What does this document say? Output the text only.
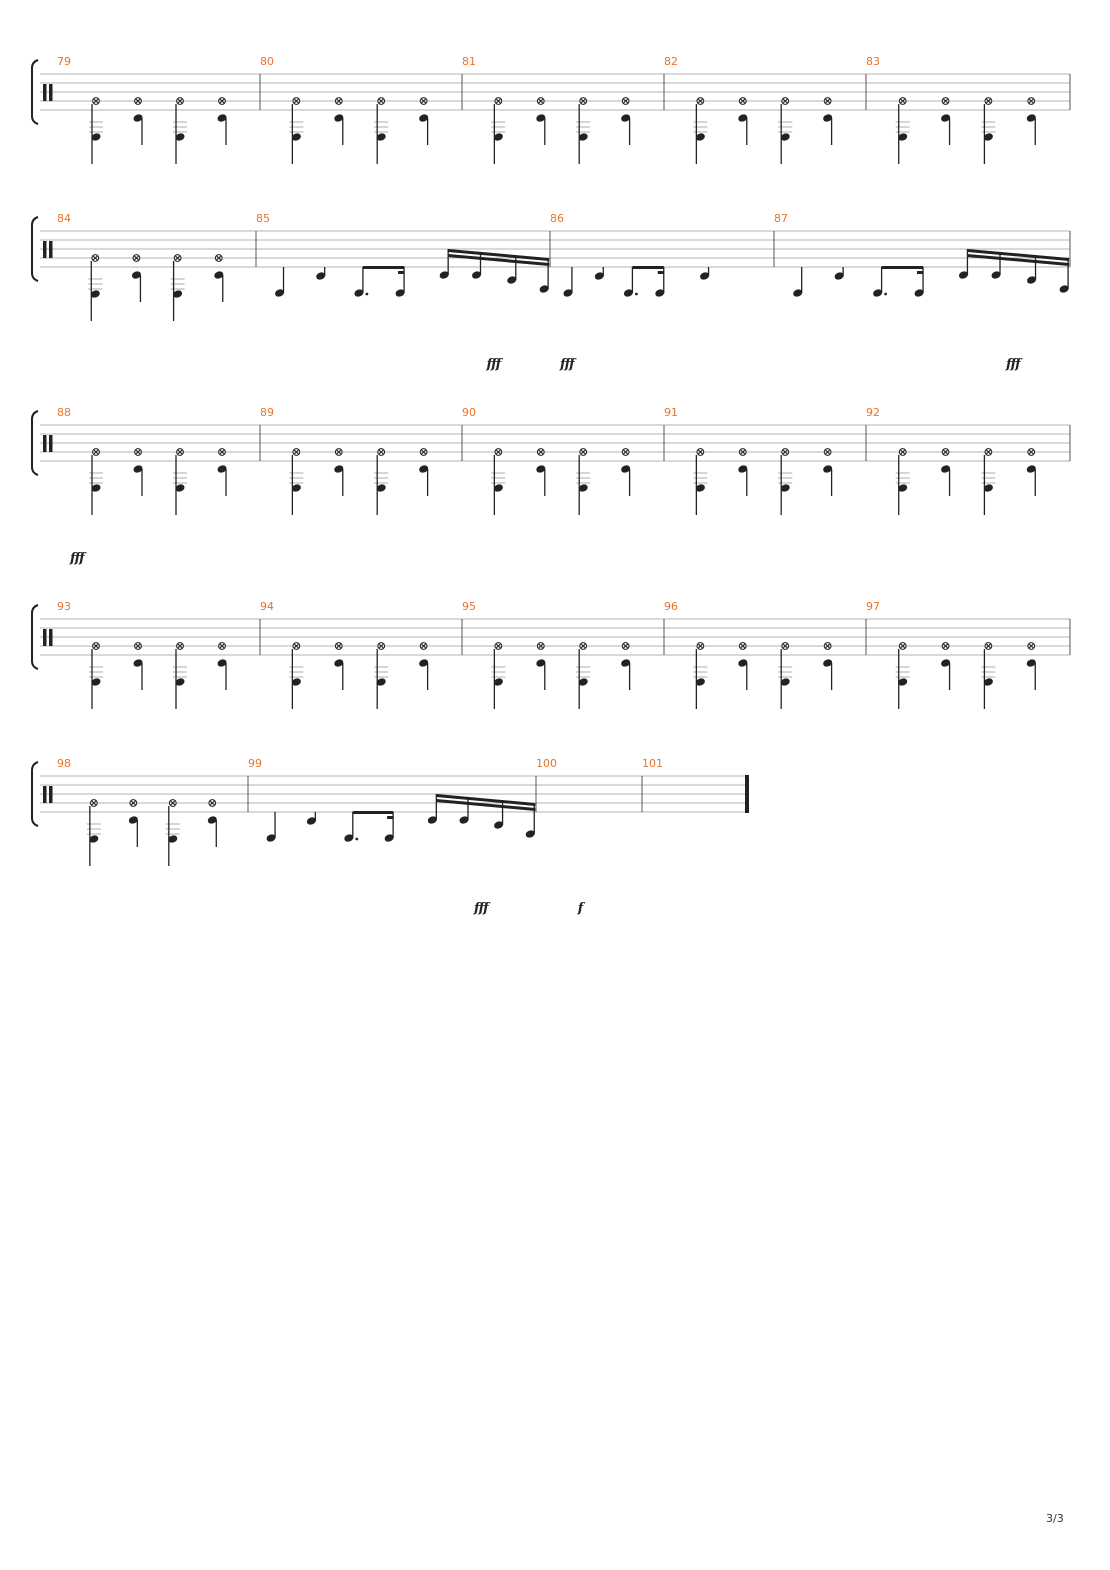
79	80	81	82	83
84	85	86	87
fff	fff	fff
88	89	90	91	92
fff
93	94	95	96	97
98	99	100	101
fff	f
3/3
